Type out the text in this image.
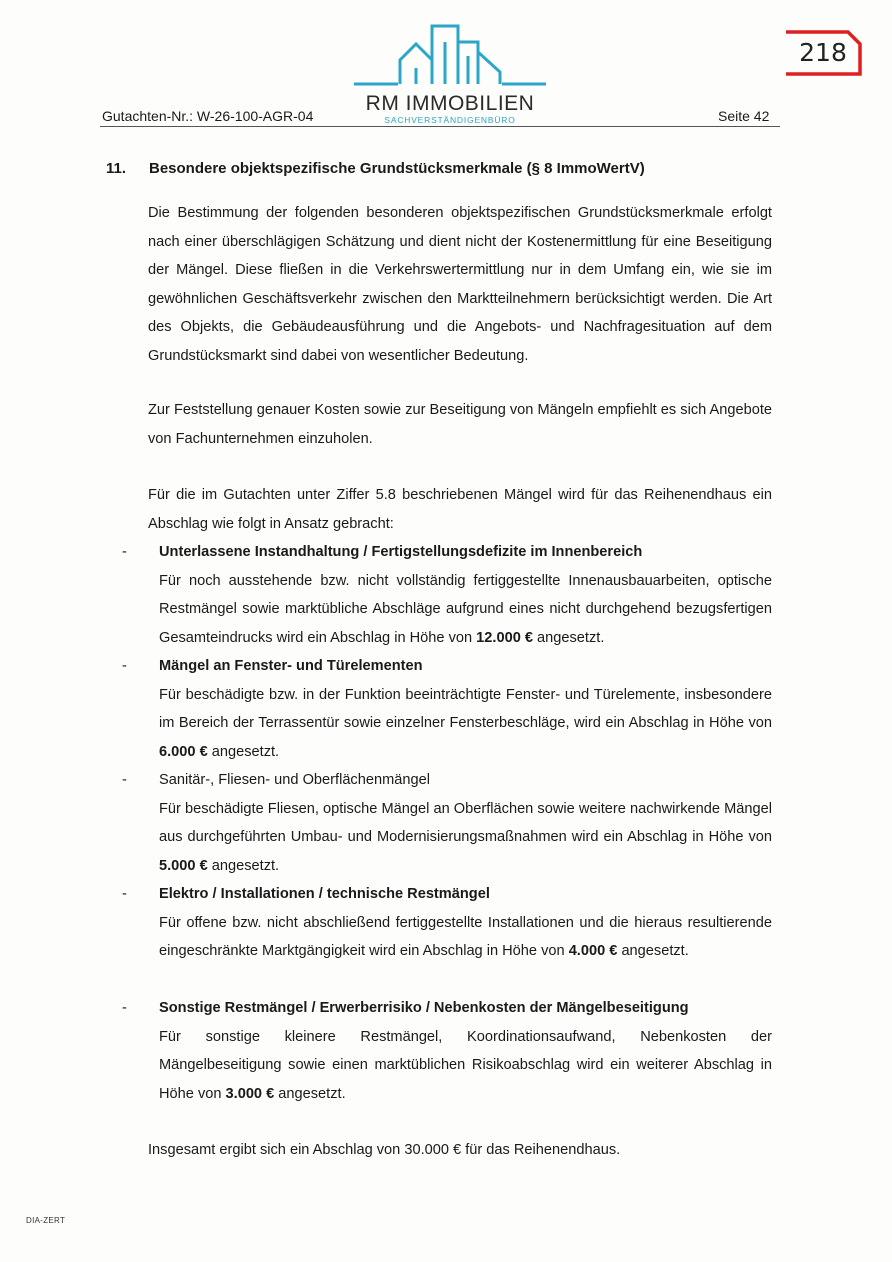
RM IMMOBILIEN
SACHVERSTÄNDIGENBÜRO
Gutachten-Nr.: W-26-100-AGR-04	Seite 42
218
11. Besondere objektspezifische Grundstücksmerkmale (§ 8 ImmoWertV)
Die Bestimmung der folgenden besonderen objektspezifischen Grundstücksmerkmale erfolgt nach einer überschlägigen Schätzung und dient nicht der Kostenermittlung für eine Beseitigung der Mängel. Diese fließen in die Verkehrswertermittlung nur in dem Umfang ein, wie sie im gewöhnlichen Geschäftsverkehr zwischen den Marktteilnehmern berücksichtigt werden. Die Art des Objekts, die Gebäudeausführung und die Angebots- und Nachfragesituation auf dem Grundstücksmarkt sind dabei von wesentlicher Bedeutung.
Zur Feststellung genauer Kosten sowie zur Beseitigung von Mängeln empfiehlt es sich Angebote von Fachunternehmen einzuholen.
Für die im Gutachten unter Ziffer 5.8 beschriebenen Mängel wird für das Reihenendhaus ein Abschlag wie folgt in Ansatz gebracht:
-	Unterlassene Instandhaltung / Fertigstellungsdefizite im Innenbereich
Für noch ausstehende bzw. nicht vollständig fertiggestellte Innenausbauarbeiten, optische Restmängel sowie marktübliche Abschläge aufgrund eines nicht durchgehend bezugsfertigen Gesamteindrucks wird ein Abschlag in Höhe von 12.000 € angesetzt.
-	Mängel an Fenster- und Türelementen
Für beschädigte bzw. in der Funktion beeinträchtigte Fenster- und Türelemente, insbesondere im Bereich der Terrassentür sowie einzelner Fensterbeschläge, wird ein Abschlag in Höhe von 6.000 € angesetzt.
-	Sanitär-, Fliesen- und Oberflächenmängel
Für beschädigte Fliesen, optische Mängel an Oberflächen sowie weitere nachwirkende Mängel aus durchgeführten Umbau- und Modernisierungsmaßnahmen wird ein Abschlag in Höhe von 5.000 € angesetzt.
-	Elektro / Installationen / technische Restmängel
Für offene bzw. nicht abschließend fertiggestellte Installationen und die hieraus resultierende eingeschränkte Marktgängigkeit wird ein Abschlag in Höhe von 4.000 € angesetzt.
-	Sonstige Restmängel / Erwerberrisiko / Nebenkosten der Mängelbeseitigung
Für sonstige kleinere Restmängel, Koordinationsaufwand, Nebenkosten der Mängelbeseitigung sowie einen marktüblichen Risikoabschlag wird ein weiterer Abschlag in Höhe von 3.000 € angesetzt.
Insgesamt ergibt sich ein Abschlag von 30.000 € für das Reihenendhaus.
DIA-ZERT
